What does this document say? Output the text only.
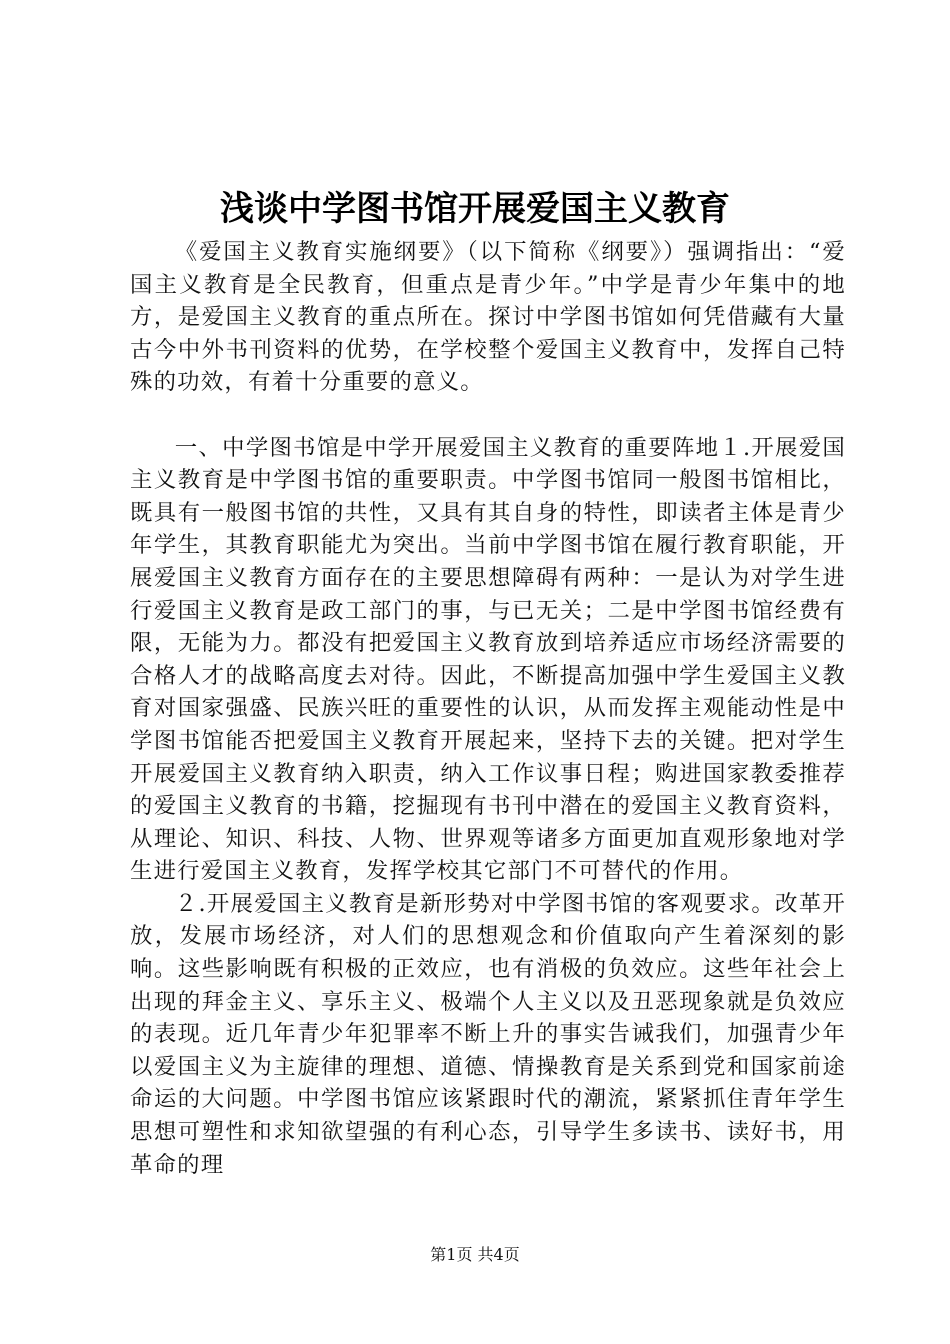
浅谈中学图书馆开展爱国主义教育

《爱国主义教育实施纲要》（以下简称《纲要》）强调指出：“爱国主义教育是全民教育，但重点是青少年。”中学是青少年集中的地方，是爱国主义教育的重点所在。探讨中学图书馆如何凭借藏有大量古今中外书刊资料的优势，在学校整个爱国主义教育中，发挥自己特殊的功效，有着十分重要的意义。

一、中学图书馆是中学开展爱国主义教育的重要阵地１.开展爱国主义教育是中学图书馆的重要职责。中学图书馆同一般图书馆相比，既具有一般图书馆的共性，又具有其自身的特性，即读者主体是青少年学生，其教育职能尤为突出。当前中学图书馆在履行教育职能，开展爱国主义教育方面存在的主要思想障碍有两种：一是认为对学生进行爱国主义教育是政工部门的事，与已无关；二是中学图书馆经费有限，无能为力。都没有把爱国主义教育放到培养适应市场经济需要的合格人才的战略高度去对待。因此，不断提高加强中学生爱国主义教育对国家强盛、民族兴旺的重要性的认识，从而发挥主观能动性是中学图书馆能否把爱国主义教育开展起来，坚持下去的关键。把对学生开展爱国主义教育纳入职责，纳入工作议事日程；购进国家教委推荐的爱国主义教育的书籍，挖掘现有书刊中潜在的爱国主义教育资料，从理论、知识、科技、人物、世界观等诸多方面更加直观形象地对学生进行爱国主义教育，发挥学校其它部门不可替代的作用。

２.开展爱国主义教育是新形势对中学图书馆的客观要求。改革开放，发展市场经济，对人们的思想观念和价值取向产生着深刻的影响。这些影响既有积极的正效应，也有消极的负效应。这些年社会上出现的拜金主义、享乐主义、极端个人主义以及丑恶现象就是负效应的表现。近几年青少年犯罪率不断上升的事实告诫我们，加强青少年以爱国主义为主旋律的理想、道德、情操教育是关系到党和国家前途命运的大问题。中学图书馆应该紧跟时代的潮流，紧紧抓住青年学生思想可塑性和求知欲望强的有利心态，引导学生多读书、读好书，用革命的理

第1页 共4页
